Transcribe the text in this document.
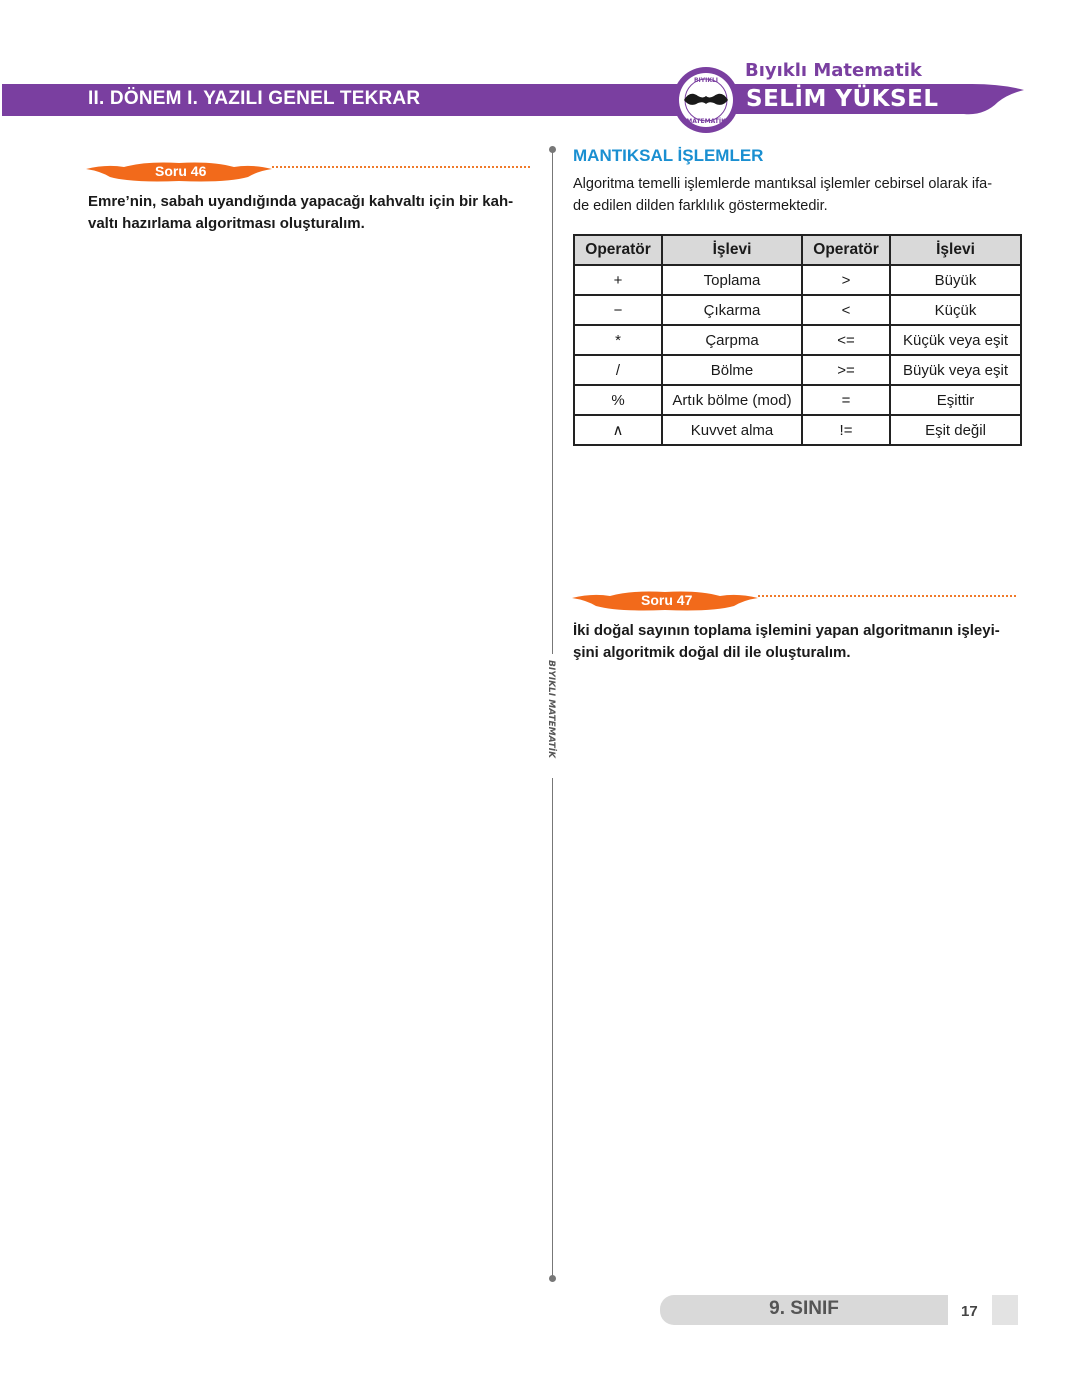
II. DÖNEM I. YAZILI GENEL TEKRAR
BIYIKLI
MATEMATİK
Bıyıklı Matematik
SELİM YÜKSEL
Soru 46
Emre’nin, sabah uyandığında yapacağı kahvaltı için bir kah-
valtı hazırlama algoritması oluşturalım.
BIYIKLI MATEMATİK
MANTIKSAL İŞLEMLER
Algoritma temelli işlemlerde mantıksal işlemler cebirsel olarak ifa-
de edilen dilden farklılık göstermektedir.
Operatör	İşlevi	Operatör	İşlevi
+	Toplama	>	Büyük
−	Çıkarma	<	Küçük
*	Çarpma	<=	Küçük veya eşit
/	Bölme	>=	Büyük veya eşit
%	Artık bölme (mod)	=	Eşittir
∧	Kuvvet alma	!=	Eşit değil
Soru 47
İki doğal sayının toplama işlemini yapan algoritmanın işleyi-
şini algoritmik doğal dil ile oluşturalım.
9. SINIF	17
